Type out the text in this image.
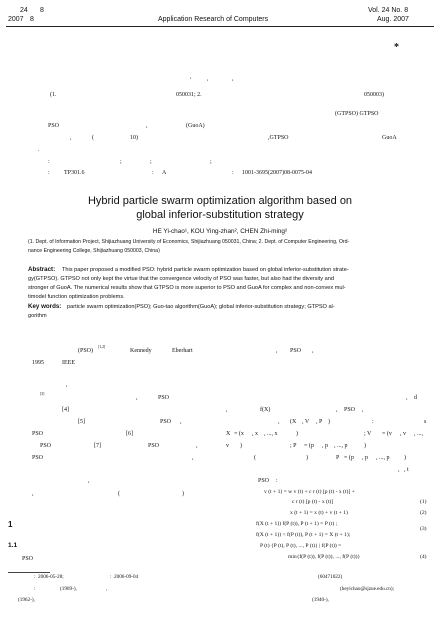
24 8
2007 8	Application Research of Computers
Vol. 24 No. 8
Aug. 2007
*
,	,	,
(1.	050031; 2.	050003)
(GTPSO) GTPSO
PSO	,	(GuoA)
,	(	10)	,GTPSO	GuoA
.
:	;	;	;
: TP301.6	: A	: 1001-3695(2007)08-0075-04
Hybrid particle swarm optimization algorithm based on
global inferior-substitution strategy
HE Yi-chao¹, KOU Ying-zhan², CHEN Zhi-ming²
(1. Dept. of Information Project, Shijiazhuang University of Economics, Shijiazhuang 050031, China; 2. Dept. of Computer Engineering, Ord-
nance Engineering College, Shijiazhuang 050003, China)
Abstract: This paper proposed a modified PSO: hybrid particle swarm optimization based on global inferior-substitution strate-
gy(GTPSO). GTPSO not only kept the virtue that the convergence velocity of PSO was faster, but also had the diversity and
stronger of GuoA. The numerical results show that GTPSO is more superior to PSO and GuoA for complex and non-convex mul-
timodel function optimization problems.
Key words: particle swarm optimization(PSO); Guo-tao algorithm(GuoA); global inferior-substitution strategy; GTPSO al-
gorithm
(PSO)
[1,2]
Kennedy	Eberhart	, PSO ,
1995	IEEE
,
[3]
,	PSO
[4]
[5]	PSO ,
PSO	[6]
PSO	[7]	PSO	,
PSO	,
,
,	(	)
1
1.1
PSO
: 2006-05-28;	: 2006-09-04
:	(1969-),	,
(1962-),
, d
,	f(X)	, PSO ,
, (X , V , P )	:	s
X = (x , x , ..., x	)	; V = (v , v , ...,
v )	; P = (p , p , ..., p	)
(	)	P = (p , p , ..., p )
, , t
PSO :
v (t + 1) = w v (t) + c r (t) [p (t) - x (t)] +
c r (t) [p (t) - x (t)]	(1)
x (t + 1) = x (t) + v (t + 1)	(2)
f(X (t + 1)) f(P (t)), P (t + 1) = P (t) ;
(3)
f(X (t + 1)) < f(P (t)), P (t + 1) = X (t + 1);
P (t) {P (t), P (t), ..., P (t)} | f(P (t)) =
min{f(P (t)), f(P (t)), ..., f(P (t))}	(4)
(60471022)
(heyichao@sjzue.edu.cn);
(1940-),
